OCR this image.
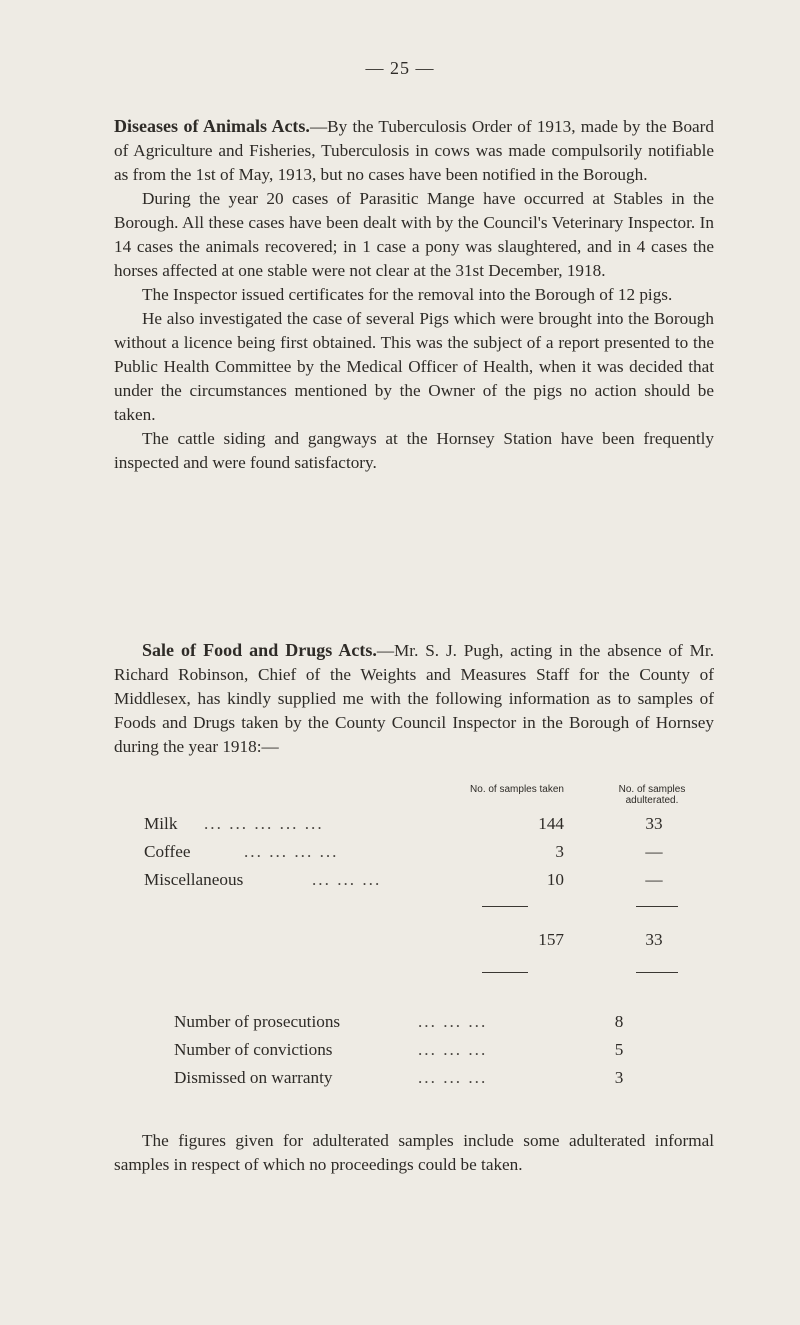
— 25 —

Diseases of Animals Acts.—By the Tuberculosis Order of 1913, made by the Board of Agriculture and Fisheries, Tuberculosis in cows was made compulsorily notifiable as from the 1st of May, 1913, but no cases have been notified in the Borough.

During the year 20 cases of Parasitic Mange have occurred at Stables in the Borough. All these cases have been dealt with by the Council's Veterinary Inspector. In 14 cases the animals recovered; in 1 case a pony was slaughtered, and in 4 cases the horses affected at one stable were not clear at the 31st December, 1918.

The Inspector issued certificates for the removal into the Borough of 12 pigs.

He also investigated the case of several Pigs which were brought into the Borough without a licence being first obtained. This was the subject of a report presented to the Public Health Committee by the Medical Officer of Health, when it was decided that under the circumstances mentioned by the Owner of the pigs no action should be taken.

The cattle siding and gangways at the Hornsey Station have been frequently inspected and were found satisfactory.

Sale of Food and Drugs Acts.—Mr. S. J. Pugh, acting in the absence of Mr. Richard Robinson, Chief of the Weights and Measures Staff for the County of Middlesex, has kindly supplied me with the following information as to samples of Foods and Drugs taken by the County Council Inspector in the Borough of Hornsey during the year 1918:—

No. of samples taken	No. of samples adulterated.
Milk ... ... ... ... ...	144	33
Coffee	... ... ... ...	3	—
Miscellaneous	... ... ...	10	—
157	33
Number of prosecutions	... ... ...	8
Number of convictions	... ... ...	5
Dismissed on warranty	... ... ...	3

The figures given for adulterated samples include some adulterated informal samples in respect of which no proceedings could be taken.
